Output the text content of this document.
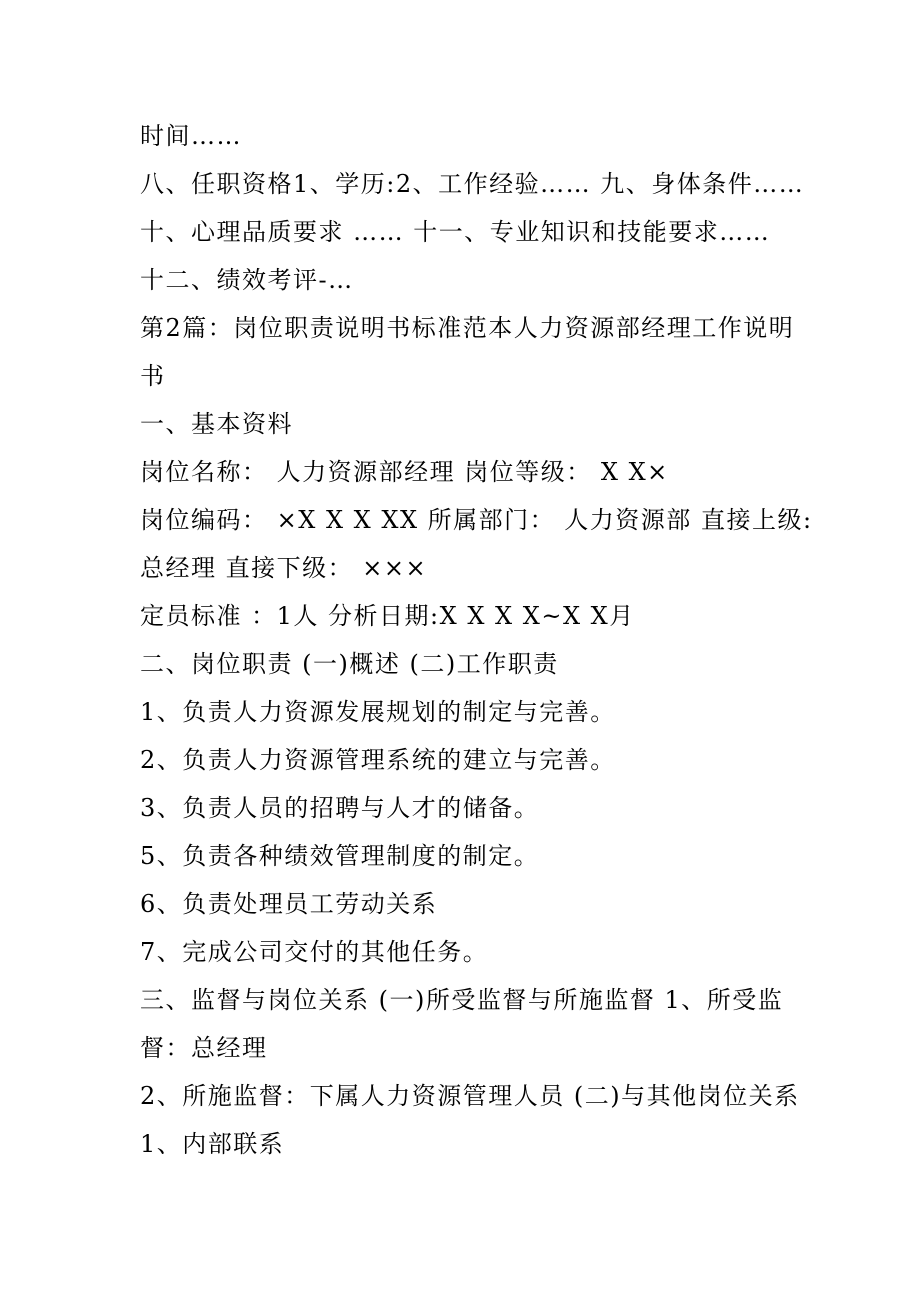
时间……
八、任职资格1、学历:2、工作经验…… 九、身体条件……
十、心理品质要求 …… 十一、专业知识和技能要求……
十二、绩效考评-…
第2篇：岗位职责说明书标准范本人力资源部经理工作说明
书
一、基本资料
岗位名称： 人力资源部经理 岗位等级： X X×
岗位编码： ×X X X XX 所属部门： 人力资源部 直接上级:
总经理 直接下级： ×××
定员标准 ：1人 分析日期:X X X X~X X月
二、岗位职责 (一)概述 (二)工作职责
1、负责人力资源发展规划的制定与完善。
2、负责人力资源管理系统的建立与完善。
3、负责人员的招聘与人才的储备。
5、负责各种绩效管理制度的制定。
6、负责处理员工劳动关系
7、完成公司交付的其他任务。
三、监督与岗位关系 (一)所受监督与所施监督 1、所受监
督：总经理
2、所施监督：下属人力资源管理人员 (二)与其他岗位关系
1、内部联系
